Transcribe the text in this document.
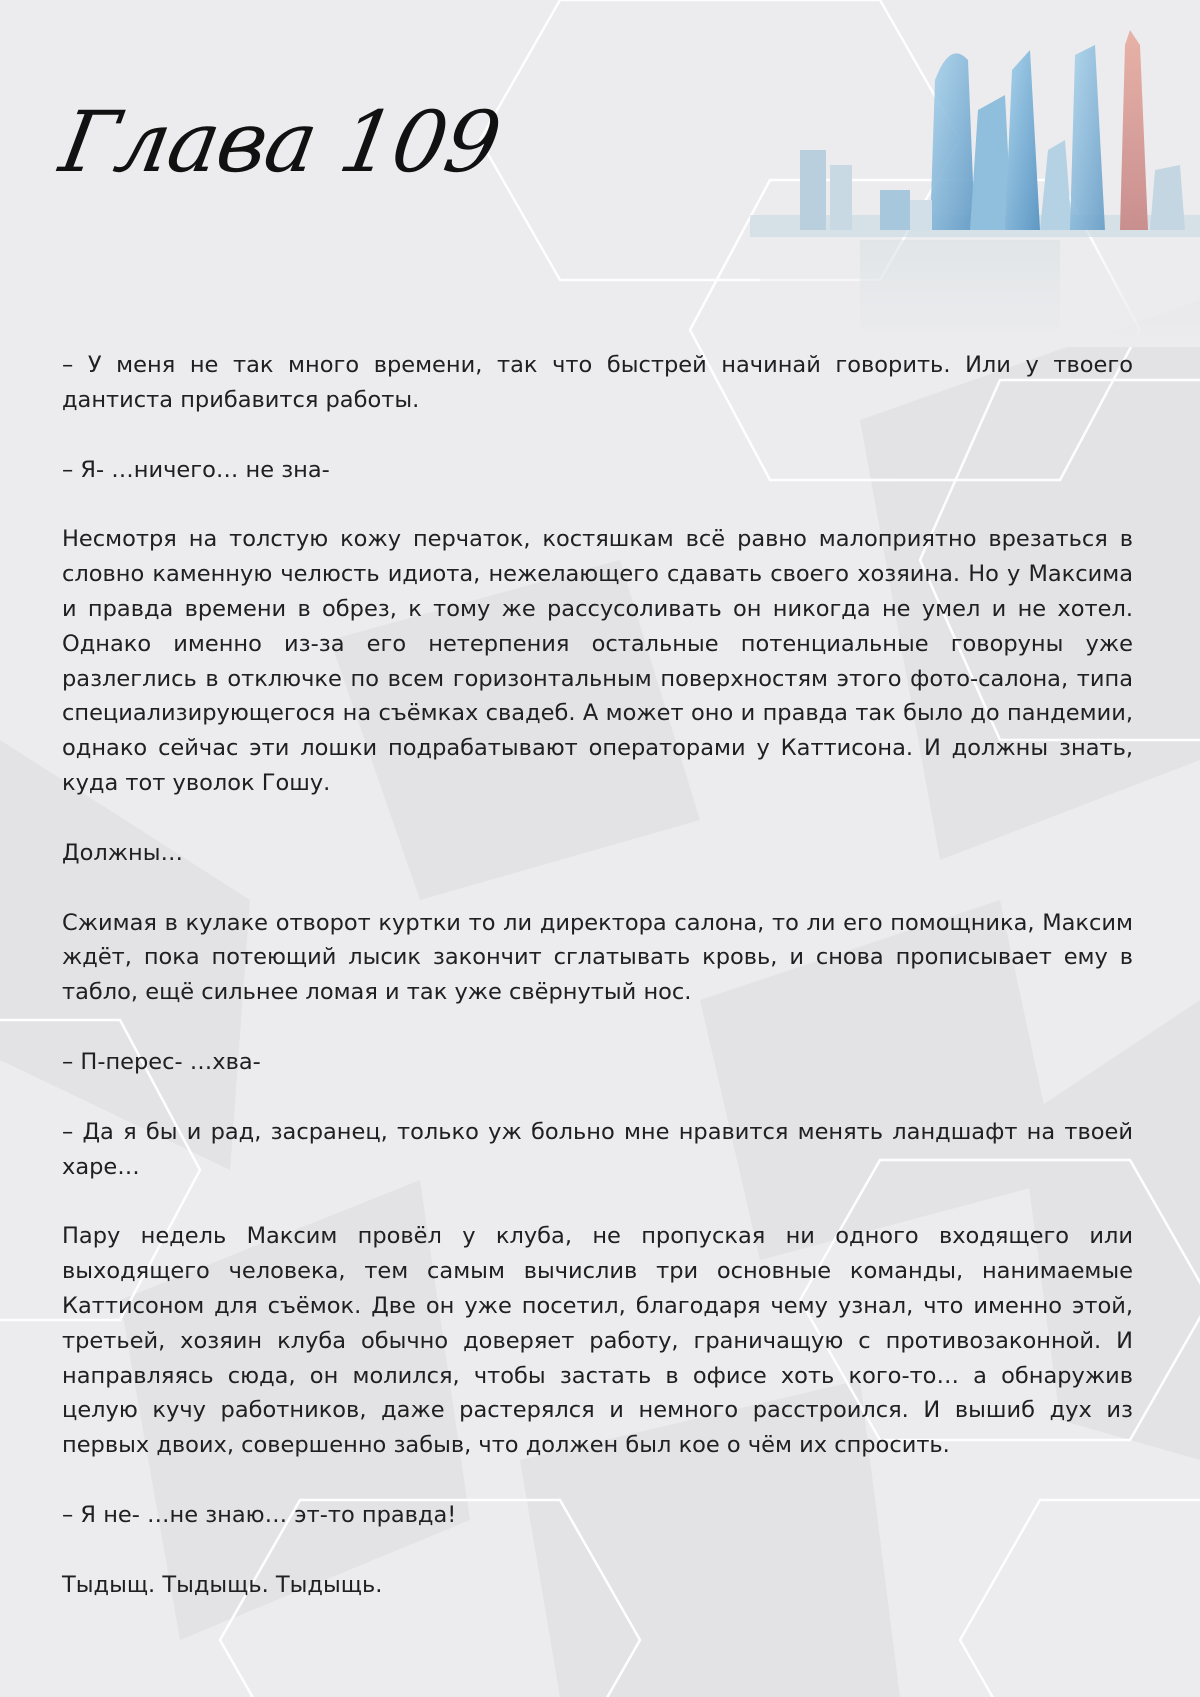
Глава 109

– У меня не так много времени, так что быстрей начинай говорить. Или у твоего дантиста прибавится работы.

– Я- …ничего… не зна-

Несмотря на толстую кожу перчаток, костяшкам всё равно малоприятно врезаться в словно каменную челюсть идиота, нежелающего сдавать своего хозяина. Но у Максима и правда времени в обрез, к тому же рассусоливать он никогда не умел и не хотел. Однако именно из-за его нетерпения остальные потенциальные говоруны уже разлеглись в отключке по всем горизонтальным поверхностям этого фото-салона, типа специализирующегося на съёмках свадеб. А может оно и правда так было до пандемии, однако сейчас эти лошки подрабатывают операторами у Каттисона. И должны знать, куда тот уволок Гошу.

Должны…

Сжимая в кулаке отворот куртки то ли директора салона, то ли его помощника, Максим ждёт, пока потеющий лысик закончит сглатывать кровь, и снова прописывает ему в табло, ещё сильнее ломая и так уже свёрнутый нос.

– П-перес- …хва-

– Да я бы и рад, засранец, только уж больно мне нравится менять ландшафт на твоей харе…

Пару недель Максим провёл у клуба, не пропуская ни одного входящего или выходящего человека, тем самым вычислив три основные команды, нанимаемые Каттисоном для съёмок. Две он уже посетил, благодаря чему узнал, что именно этой, третьей, хозяин клуба обычно доверяет работу, граничащую с противозаконной. И направляясь сюда, он молился, чтобы застать в офисе хоть кого-то… а обнаружив целую кучу работников, даже растерялся и немного расстроился. И вышиб дух из первых двоих, совершенно забыв, что должен был кое о чём их спросить.

– Я не- …не знаю… эт-то правда!

Тыдыщ. Тыдыщь. Тыдыщь.
